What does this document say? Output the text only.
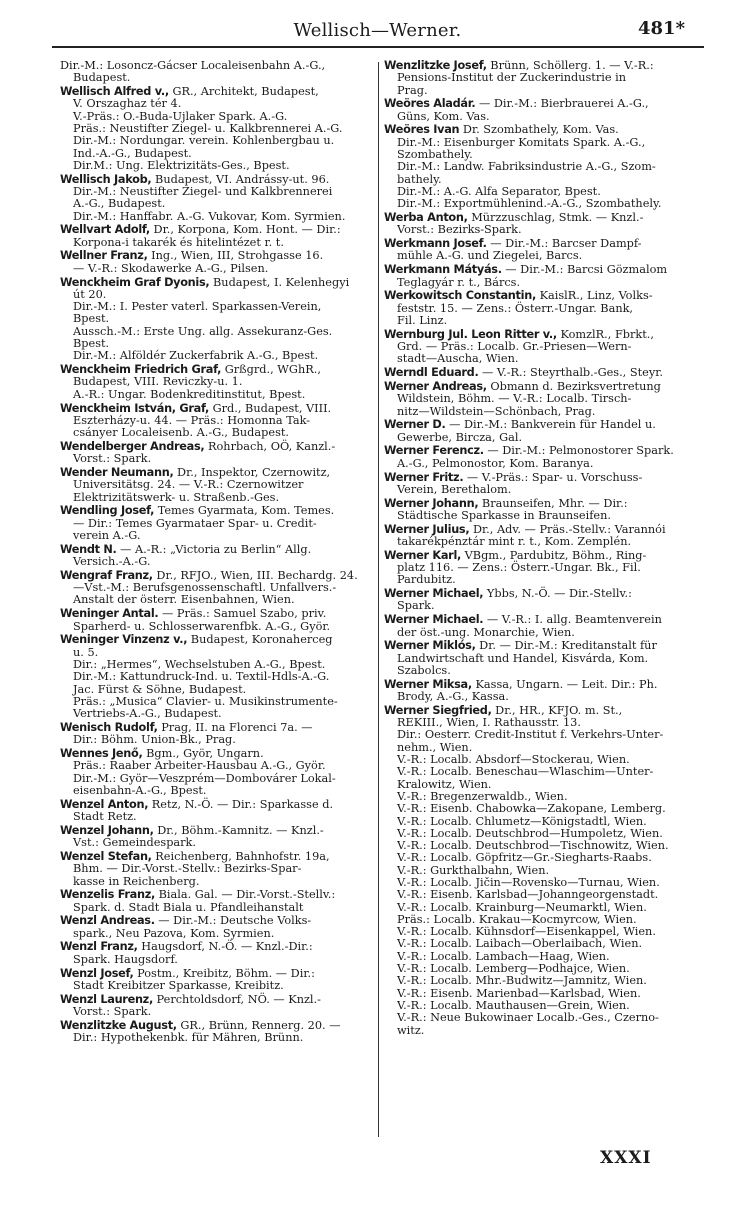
Wellisch—Werner.	481*
Dir.-M.: Losoncz-Gácser Localeisenbahn A.-G.,
Budapest.
Wellisch Alfred v., GR., Architekt, Budapest,
V. Orszaghaz tér 4.
V.-Präs.: O.-Buda-Ujlaker Spark. A.-G.
Präs.: Neustifter Ziegel- u. Kalkbrennerei A.-G.
Dir.-M.: Nordungar. verein. Kohlenbergbau u.
Ind.-A.-G., Budapest.
Dir.M.: Ung. Elektrizitäts-Ges., Bpest.
Wellisch Jakob, Budapest, VI. Andrássy-ut. 96.
Dir.-M.: Neustifter Ziegel- und Kalkbrennerei
A.-G., Budapest.
Dir.-M.: Hanffabr. A.-G. Vukovar, Kom. Syrmien.
Wellvart Adolf, Dr., Korpona, Kom. Hont. — Dir.:
Korpona-i takarék és hitelintézet r. t.
Wellner Franz, Ing., Wien, III, Strohgasse 16.
— V.-R.: Skodawerke A.-G., Pilsen.
Wenckheim Graf Dyonis, Budapest, I. Kelenhegyi
út 20.
Dir.-M.: I. Pester vaterl. Sparkassen-Verein,
Bpest.
Aussch.-M.: Erste Ung. allg. Assekuranz-Ges.
Bpest.
Dir.-M.: Alföldér Zuckerfabrik A.-G., Bpest.
Wenckheim Friedrich Graf, Grßgrd., WGhR.,
Budapest, VIII. Reviczky-u. 1.
A.-R.: Ungar. Bodenkreditinstitut, Bpest.
Wenckheim István, Graf, Grd., Budapest, VIII.
Eszterházy-u. 44. — Präs.: Homonna Tak-
csányer Localeisenb. A.-G., Budapest.
Wendelberger Andreas, Rohrbach, OÖ, Kanzl.-
Vorst.: Spark.
Wender Neumann, Dr., Inspektor, Czernowitz,
Universitätsg. 24. — V.-R.: Czernowitzer
Elektrizitätswerk- u. Straßenb.-Ges.
Wendling Josef, Temes Gyarmata, Kom. Temes.
— Dir.: Temes Gyarmataer Spar- u. Credit-
verein A.-G.
Wendt N. — A.-R.: „Victoria zu Berlin“ Allg.
Versich.-A.-G.
Wengraf Franz, Dr., RFJO., Wien, III. Bechardg. 24.
—Vst.-M.: Berufsgenossenschaftl. Unfallvers.-
Anstalt der österr. Eisenbahnen, Wien.
Weninger Antal. — Präs.: Samuel Szabo, priv.
Sparherd- u. Schlosserwarenfbk. A.-G., Györ.
Weninger Vinzenz v., Budapest, Koronaherceg
u. 5.
Dir.: „Hermes“, Wechselstuben A.-G., Bpest.
Dir.-M.: Kattundruck-Ind. u. Textil-Hdls-A.-G.
Jac. Fürst & Söhne, Budapest.
Präs.: „Musica“ Clavier- u. Musikinstrumente-
Vertriebs-A.-G., Budapest.
Wenisch Rudolf, Prag, II. na Florenci 7a. —
Dir.: Böhm. Union-Bk., Prag.
Wennes Jenő, Bgm., Györ, Ungarn.
Präs.: Raaber Arbeiter-Hausbau A.-G., Györ.
Dir.-M.: Györ—Veszprém—Dombovárer Lokal-
eisenbahn-A.-G., Bpest.
Wenzel Anton, Retz, N.-Ö. — Dir.: Sparkasse d.
Stadt Retz.
Wenzel Johann, Dr., Böhm.-Kamnitz. — Knzl.-
Vst.: Gemeindespark.
Wenzel Stefan, Reichenberg, Bahnhofstr. 19a,
Bhm. — Dir.-Vorst.-Stellv.: Bezirks-Spar-
kasse in Reichenberg.
Wenzelis Franz, Biala. Gal. — Dir.-Vorst.-Stellv.:
Spark. d. Stadt Biala u. Pfandleihanstalt
Wenzl Andreas. — Dir.-M.: Deutsche Volks-
spark., Neu Pazova, Kom. Syrmien.
Wenzl Franz, Haugsdorf, N.-Ö. — Knzl.-Dir.:
Spark. Haugsdorf.
Wenzl Josef, Postm., Kreibitz, Böhm. — Dir.:
Stadt Kreibitzer Sparkasse, Kreibitz.
Wenzl Laurenz, Perchtoldsdorf, NÖ. — Knzl.-
Vorst.: Spark.
Wenzlitzke August, GR., Brünn, Rennerg. 20. —
Dir.: Hypothekenbk. für Mähren, Brünn.
Wenzlitzke Josef, Brünn, Schöllerg. 1. — V.-R.:
Pensions-Institut der Zuckerindustrie in
Prag.
Weöres Aladár. — Dir.-M.: Bierbrauerei A.-G.,
Güns, Kom. Vas.
Weöres Ivan Dr. Szombathely, Kom. Vas.
Dir.-M.: Eisenburger Komitats Spark. A.-G.,
Szombathely.
Dir.-M.: Landw. Fabriksindustrie A.-G., Szom-
bathely.
Dir.-M.: A.-G. Alfa Separator, Bpest.
Dir.-M.: Exportmühlenind.-A.-G., Szombathely.
Werba Anton, Mürzzuschlag, Stmk. — Knzl.-
Vorst.: Bezirks-Spark.
Werkmann Josef. — Dir.-M.: Barcser Dampf-
mühle A.-G. und Ziegelei, Barcs.
Werkmann Mátyás. — Dir.-M.: Barcsi Gözmalom
Teglagyár r. t., Bárcs.
Werkowitsch Constantin, KaislR., Linz, Volks-
feststr. 15. — Zens.: Österr.-Ungar. Bank,
Fil. Linz.
Wernburg Jul. Leon Ritter v., KomzlR., Fbrkt.,
Grd. — Präs.: Localb. Gr.-Priesen—Wern-
stadt—Auscha, Wien.
Werndl Eduard. — V.-R.: Steyrthalb.-Ges., Steyr.
Werner Andreas, Obmann d. Bezirksvertretung
Wildstein, Böhm. — V.-R.: Localb. Tirsch-
nitz—Wildstein—Schönbach, Prag.
Werner D. — Dir.-M.: Bankverein für Handel u.
Gewerbe, Bircza, Gal.
Werner Ferencz. — Dir.-M.: Pelmonostorer Spark.
A.-G., Pelmonostor, Kom. Baranya.
Werner Fritz. — V.-Präs.: Spar- u. Vorschuss-
Verein, Berethalom.
Werner Johann, Braunseifen, Mhr. — Dir.:
Städtische Sparkasse in Braunseifen.
Werner Julius, Dr., Adv. — Präs.-Stellv.: Varannói
takarékpénztár mint r. t., Kom. Zemplén.
Werner Karl, VBgm., Pardubitz, Böhm., Ring-
platz 116. — Zens.: Österr.-Ungar. Bk., Fil.
Pardubitz.
Werner Michael, Ybbs, N.-Ö. — Dir.-Stellv.:
Spark.
Werner Michael. — V.-R.: I. allg. Beamtenverein
der öst.-ung. Monarchie, Wien.
Werner Miklós, Dr. — Dir.-M.: Kreditanstalt für
Landwirtschaft und Handel, Kisvárda, Kom.
Szabolcs.
Werner Miksa, Kassa, Ungarn. — Leit. Dir.: Ph.
Brody, A.-G., Kassa.
Werner Siegfried, Dr., HR., KFJO. m. St.,
REKIII., Wien, I. Rathausstr. 13.
Dir.: Oesterr. Credit-Institut f. Verkehrs-Unter-
nehm., Wien.
V.-R.: Localb. Absdorf—Stockerau, Wien.
V.-R.: Localb. Beneschau—Wlaschim—Unter-
Kralowitz, Wien.
V.-R.: Bregenzerwaldb., Wien.
V.-R.: Eisenb. Chabowka—Zakopane, Lemberg.
V.-R.: Localb. Chlumetz—Königstadtl, Wien.
V.-R.: Localb. Deutschbrod—Humpoletz, Wien.
V.-R.: Localb. Deutschbrod—Tischnowitz, Wien.
V.-R.: Localb. Göpfritz—Gr.-Siegharts-Raabs.
V.-R.: Gurkthalbahn, Wien.
V.-R.: Localb. Jičin—Rovensko—Turnau, Wien.
V.-R.: Eisenb. Karlsbad—Johanngeorgenstadt.
V.-R.: Localb. Krainburg—Neumarktl, Wien.
Präs.: Localb. Krakau—Kocmyrcow, Wien.
V.-R.: Localb. Kühnsdorf—Eisenkappel, Wien.
V.-R.: Localb. Laibach—Oberlaibach, Wien.
V.-R.: Localb. Lambach—Haag, Wien.
V.-R.: Localb. Lemberg—Podhajce, Wien.
V.-R.: Localb. Mhr.-Budwitz—Jamnitz, Wien.
V.-R.: Eisenb. Marienbad—Karlsbad, Wien.
V.-R.: Localb. Mauthausen—Grein, Wien.
V.-R.: Neue Bukowinaer Localb.-Ges., Czerno-
witz.
XXXI
